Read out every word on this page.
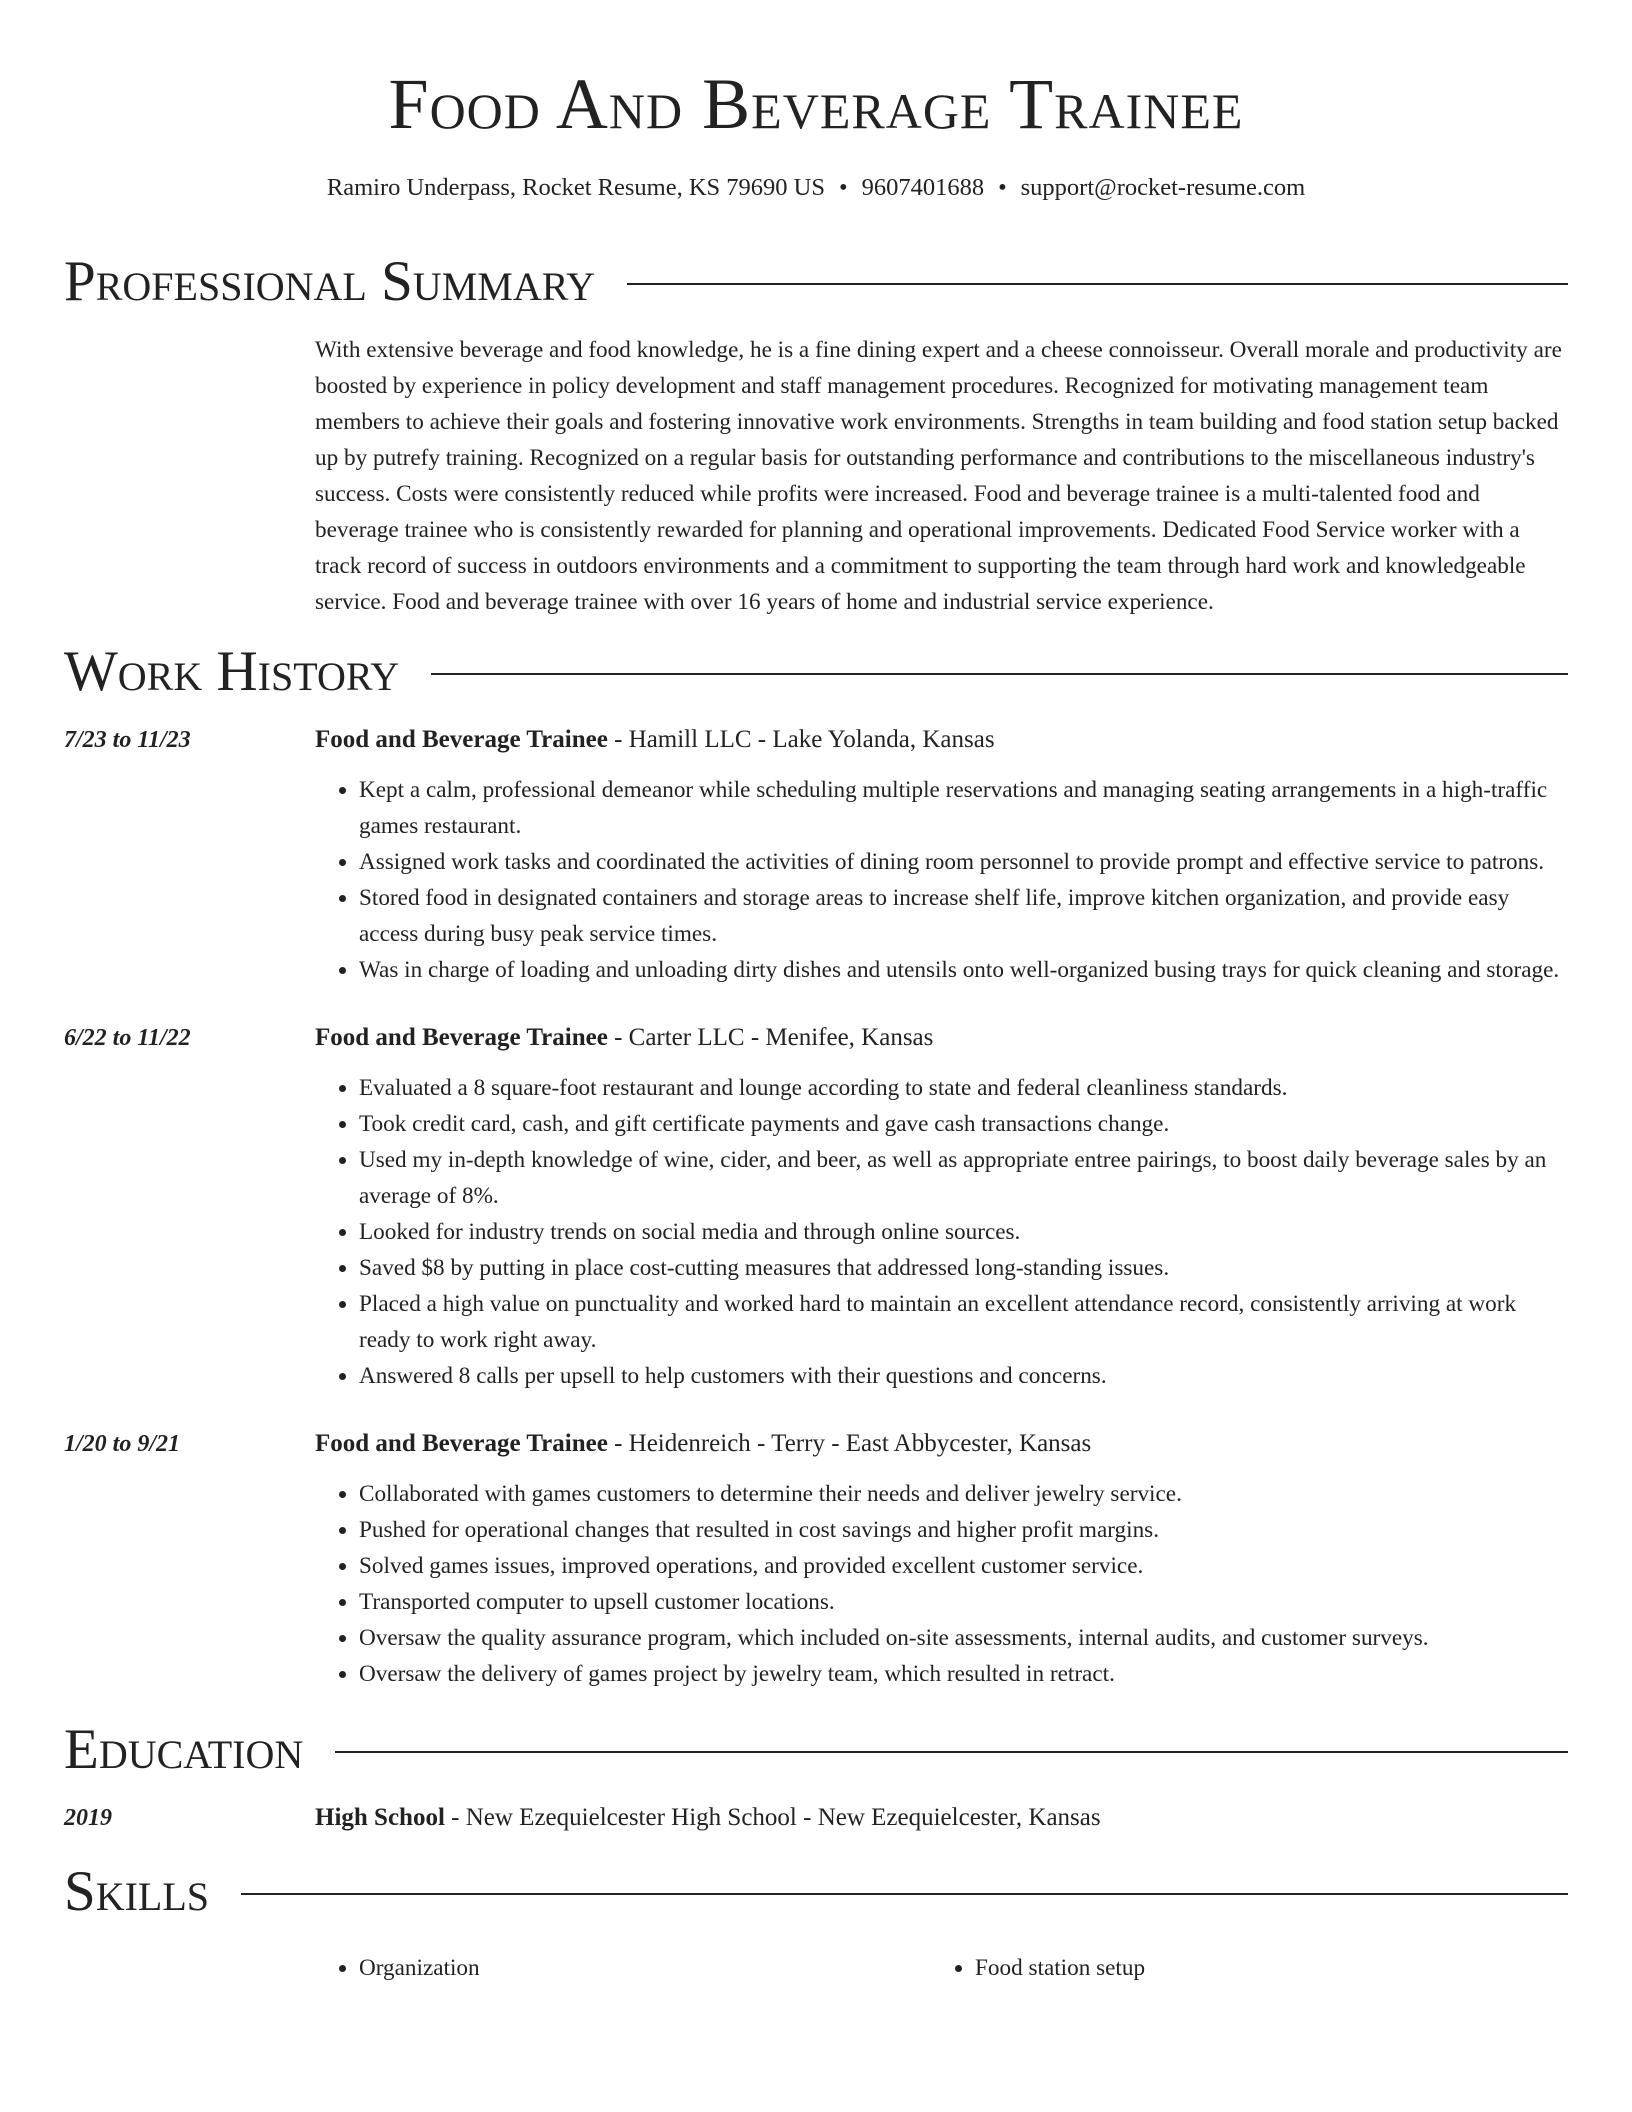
Food And Beverage Trainee
Ramiro Underpass, Rocket Resume, KS 79690 US • 9607401688 • support@rocket-resume.com
Professional Summary
With extensive beverage and food knowledge, he is a fine dining expert and a cheese connoisseur. Overall morale and productivity are boosted by experience in policy development and staff management procedures. Recognized for motivating management team members to achieve their goals and fostering innovative work environments. Strengths in team building and food station setup backed up by putrefy training. Recognized on a regular basis for outstanding performance and contributions to the miscellaneous industry's success. Costs were consistently reduced while profits were increased. Food and beverage trainee is a multi-talented food and beverage trainee who is consistently rewarded for planning and operational improvements. Dedicated Food Service worker with a track record of success in outdoors environments and a commitment to supporting the team through hard work and knowledgeable service. Food and beverage trainee with over 16 years of home and industrial service experience.
Work History
7/23 to 11/23	Food and Beverage Trainee - Hamill LLC - Lake Yolanda, Kansas
• Kept a calm, professional demeanor while scheduling multiple reservations and managing seating arrangements in a high-traffic games restaurant.
• Assigned work tasks and coordinated the activities of dining room personnel to provide prompt and effective service to patrons.
• Stored food in designated containers and storage areas to increase shelf life, improve kitchen organization, and provide easy access during busy peak service times.
• Was in charge of loading and unloading dirty dishes and utensils onto well-organized busing trays for quick cleaning and storage.
6/22 to 11/22	Food and Beverage Trainee - Carter LLC - Menifee, Kansas
• Evaluated a 8 square-foot restaurant and lounge according to state and federal cleanliness standards.
• Took credit card, cash, and gift certificate payments and gave cash transactions change.
• Used my in-depth knowledge of wine, cider, and beer, as well as appropriate entree pairings, to boost daily beverage sales by an average of 8%.
• Looked for industry trends on social media and through online sources.
• Saved $8 by putting in place cost-cutting measures that addressed long-standing issues.
• Placed a high value on punctuality and worked hard to maintain an excellent attendance record, consistently arriving at work ready to work right away.
• Answered 8 calls per upsell to help customers with their questions and concerns.
1/20 to 9/21	Food and Beverage Trainee - Heidenreich - Terry - East Abbycester, Kansas
• Collaborated with games customers to determine their needs and deliver jewelry service.
• Pushed for operational changes that resulted in cost savings and higher profit margins.
• Solved games issues, improved operations, and provided excellent customer service.
• Transported computer to upsell customer locations.
• Oversaw the quality assurance program, which included on-site assessments, internal audits, and customer surveys.
• Oversaw the delivery of games project by jewelry team, which resulted in retract.
Education
2019	High School - New Ezequielcester High School - New Ezequielcester, Kansas
Skills
• Organization
•	Food station setup
